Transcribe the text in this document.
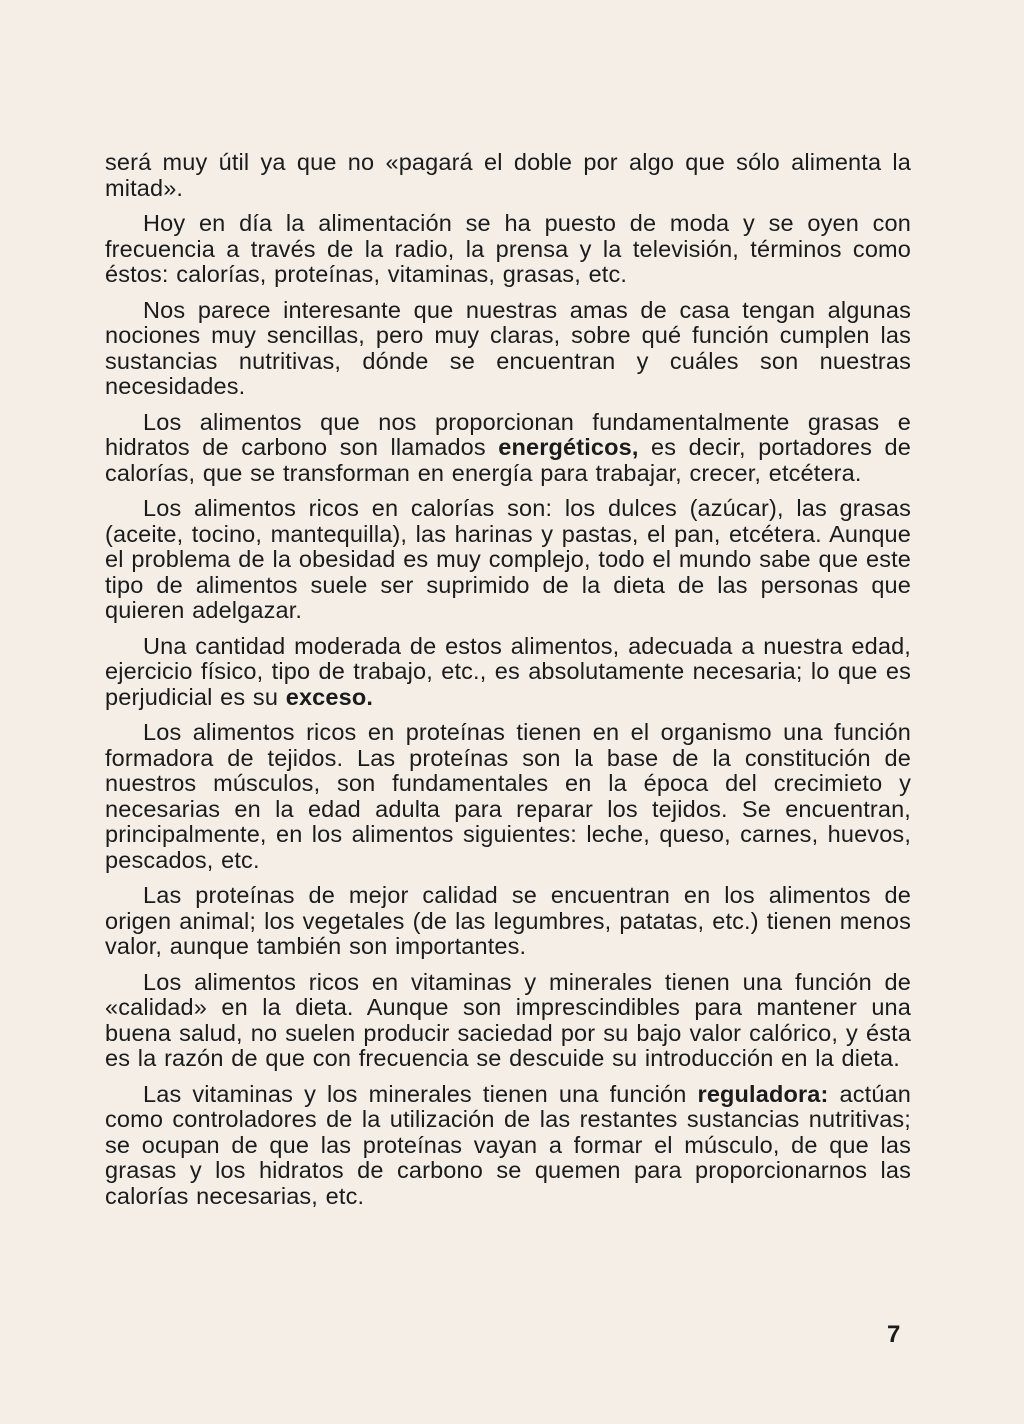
será muy útil ya que no «pagará el doble por algo que sólo alimenta la mitad».

Hoy en día la alimentación se ha puesto de moda y se oyen con frecuencia a través de la radio, la prensa y la televisión, términos como éstos: calorías, proteínas, vitaminas, grasas, etc.

Nos parece interesante que nuestras amas de casa tengan algunas nociones muy sencillas, pero muy claras, sobre qué función cumplen las sustancias nutritivas, dónde se encuentran y cuáles son nuestras necesidades.

Los alimentos que nos proporcionan fundamentalmente grasas e hidratos de carbono son llamados energéticos, es decir, portadores de calorías, que se transforman en energía para trabajar, crecer, etcétera.

Los alimentos ricos en calorías son: los dulces (azúcar), las grasas (aceite, tocino, mantequilla), las harinas y pastas, el pan, etcétera. Aunque el problema de la obesidad es muy complejo, todo el mundo sabe que este tipo de alimentos suele ser suprimido de la dieta de las personas que quieren adelgazar.

Una cantidad moderada de estos alimentos, adecuada a nuestra edad, ejercicio físico, tipo de trabajo, etc., es absolutamente necesaria; lo que es perjudicial es su exceso.

Los alimentos ricos en proteínas tienen en el organismo una función formadora de tejidos. Las proteínas son la base de la constitución de nuestros músculos, son fundamentales en la época del crecimieto y necesarias en la edad adulta para reparar los tejidos. Se encuentran, principalmente, en los alimentos siguientes: leche, queso, carnes, huevos, pescados, etc.

Las proteínas de mejor calidad se encuentran en los alimentos de origen animal; los vegetales (de las legumbres, patatas, etc.) tienen menos valor, aunque también son importantes.

Los alimentos ricos en vitaminas y minerales tienen una función de «calidad» en la dieta. Aunque son imprescindibles para mantener una buena salud, no suelen producir saciedad por su bajo valor calórico, y ésta es la razón de que con frecuencia se descuide su introducción en la dieta.

Las vitaminas y los minerales tienen una función reguladora: actúan como controladores de la utilización de las restantes sustancias nutritivas; se ocupan de que las proteínas vayan a formar el músculo, de que las grasas y los hidratos de carbono se quemen para proporcionarnos las calorías necesarias, etc.

7
